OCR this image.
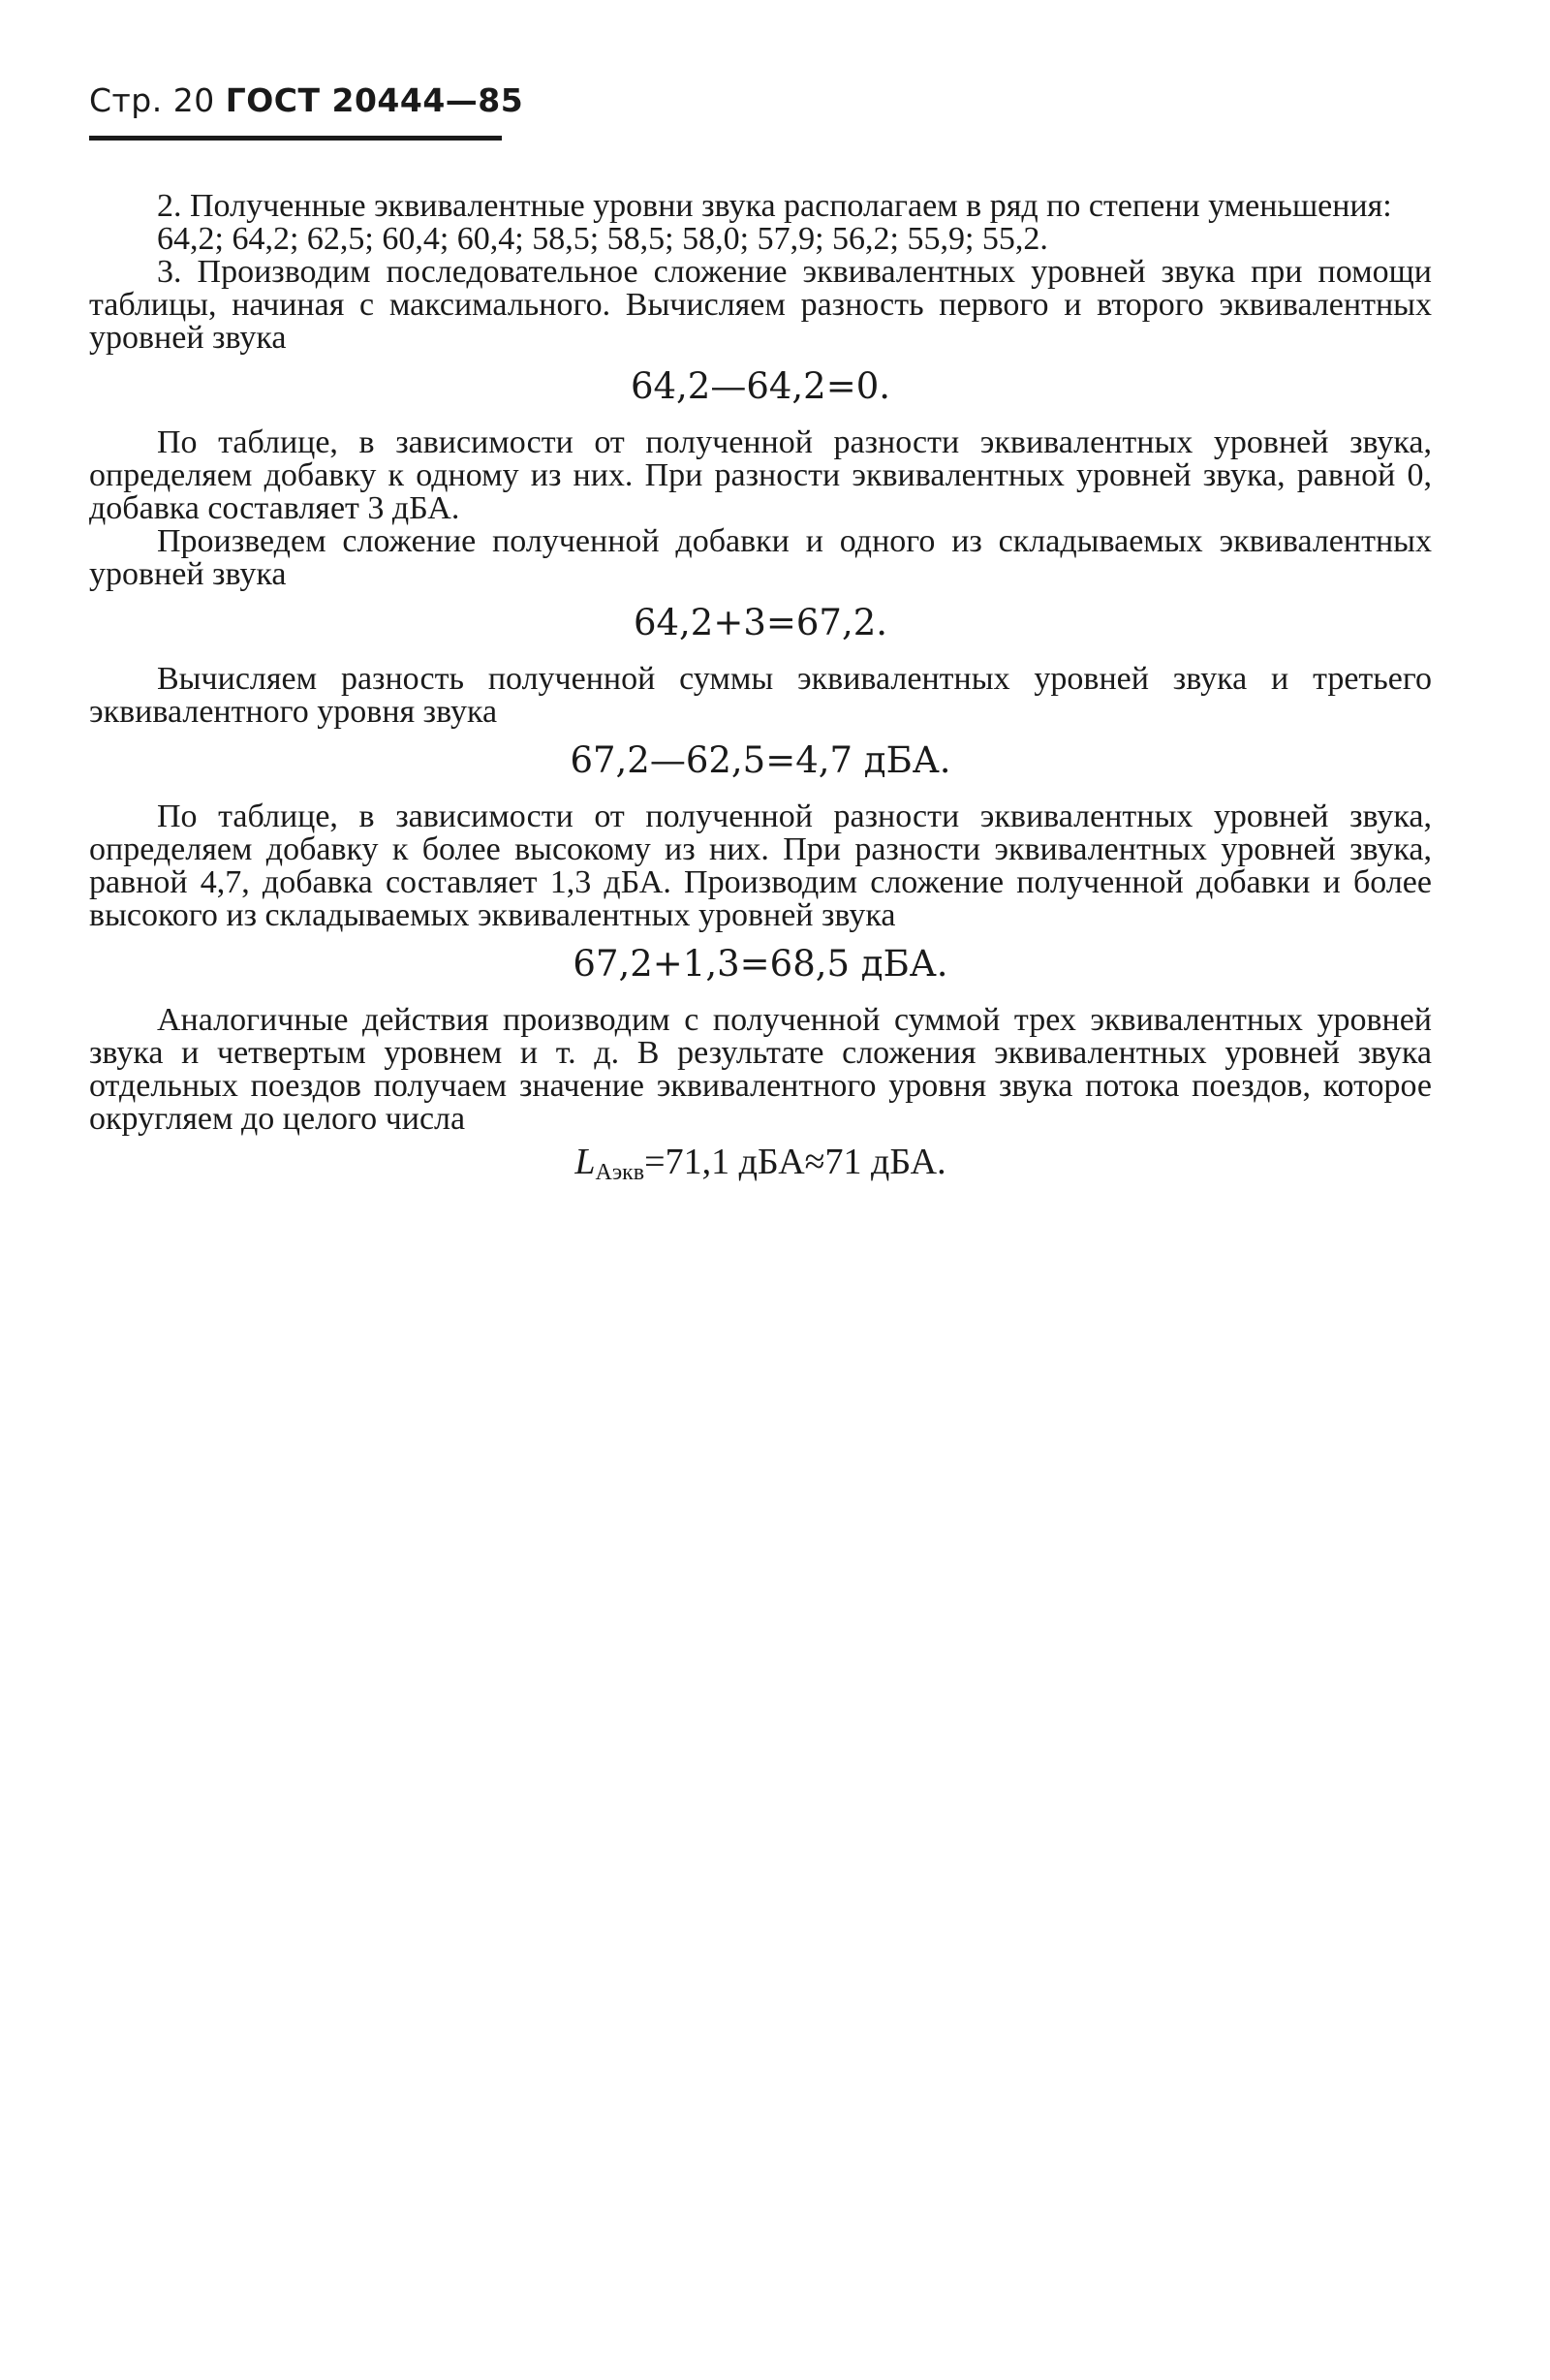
Стр. 20 ГОСТ 20444—85

2. Полученные эквивалентные уровни звука располагаем в ряд по степени уменьшения:

64,2; 64,2; 62,5; 60,4; 60,4; 58,5; 58,5; 58,0; 57,9; 56,2; 55,9; 55,2.

3. Производим последовательное сложение эквивалентных уровней звука при помощи таблицы, начиная с максимального. Вычисляем разность первого и второго эквивалентных уровней звука

64,2—64,2=0.

По таблице, в зависимости от полученной разности эквивалентных уровней звука, определяем добавку к одному из них. При разности эквивалентных уровней звука, равной 0, добавка составляет 3 дБА.

Произведем сложение полученной добавки и одного из складываемых эквивалентных уровней звука

64,2+3=67,2.

Вычисляем разность полученной суммы эквивалентных уровней звука и третьего эквивалентного уровня звука

67,2—62,5=4,7 дБА.

По таблице, в зависимости от полученной разности эквивалентных уровней звука, определяем добавку к более высокому из них. При разности эквивалентных уровней звука, равной 4,7, добавка составляет 1,3 дБА. Производим сложение полученной добавки и более высокого из складываемых эквивалентных уровней звука

67,2+1,3=68,5 дБА.

Аналогичные действия производим с полученной суммой трех эквивалентных уровней звука и четвертым уровнем и т. д. В результате сложения эквивалентных уровней звука отдельных поездов получаем значение эквивалентного уровня звука потока поездов, которое округляем до целого числа

$L_{Аэкв}=71,1$ дБА≈71 дБА.
